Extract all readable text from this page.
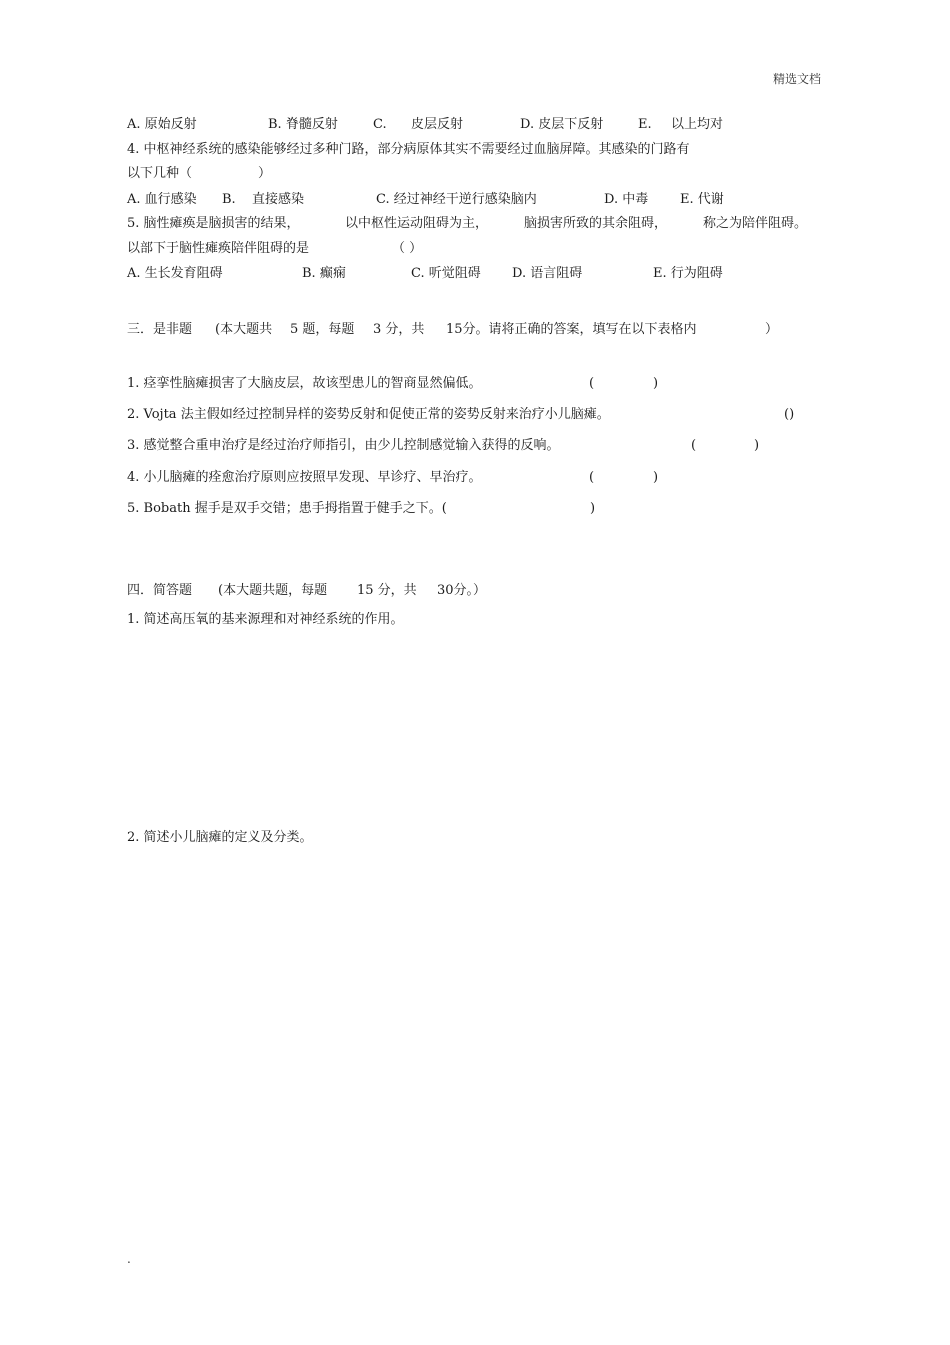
精选文档
A. 原始反射	B. 脊髓反射	C. 皮层反射	D. 皮层下反射	E. 以上均对
4. 中枢神经系统的感染能够经过多种门路，部分病原体其实不需要经过血脑屏障。其感染的门路有
以下几种（	）
A. 血行感染 B. 直接感染	C. 经过神经干逆行感染脑内	D. 中毒 E. 代谢
5. 脑性瘫痪是脑损害的结果，	以中枢性运动阻碍为主，	脑损害所致的其余阻碍，	称之为陪伴阻碍。
以部下于脑性瘫痪陪伴阻碍的是	（ ）
A. 生长发育阻碍	B. 癫痫	C. 听觉阻碍 D. 语言阻碍	E. 行为阻碍
三．是非题 (本大题共 5 题，每题 3 分，共 15分。请将正确的答案，填写在以下表格内	）
1. 痉挛性脑瘫损害了大脑皮层，故该型患儿的智商显然偏低。	(	)
2. Vojta 法主假如经过控制异样的姿势反射和促使正常的姿势反射来治疗小儿脑瘫。	()
3. 感觉整合重申治疗是经过治疗师指引，由少儿控制感觉输入获得的反响。	(	)
4. 小儿脑瘫的痊愈治疗原则应按照早发现、早诊疗、早治疗。	(	)
5. Bobath 握手是双手交错；患手拇指置于健手之下。(	)
四．简答题 (本大题共题，每题 15 分，共 30分。）
1. 简述高压氧的基来源理和对神经系统的作用。
2. 简述小儿脑瘫的定义及分类。
.
